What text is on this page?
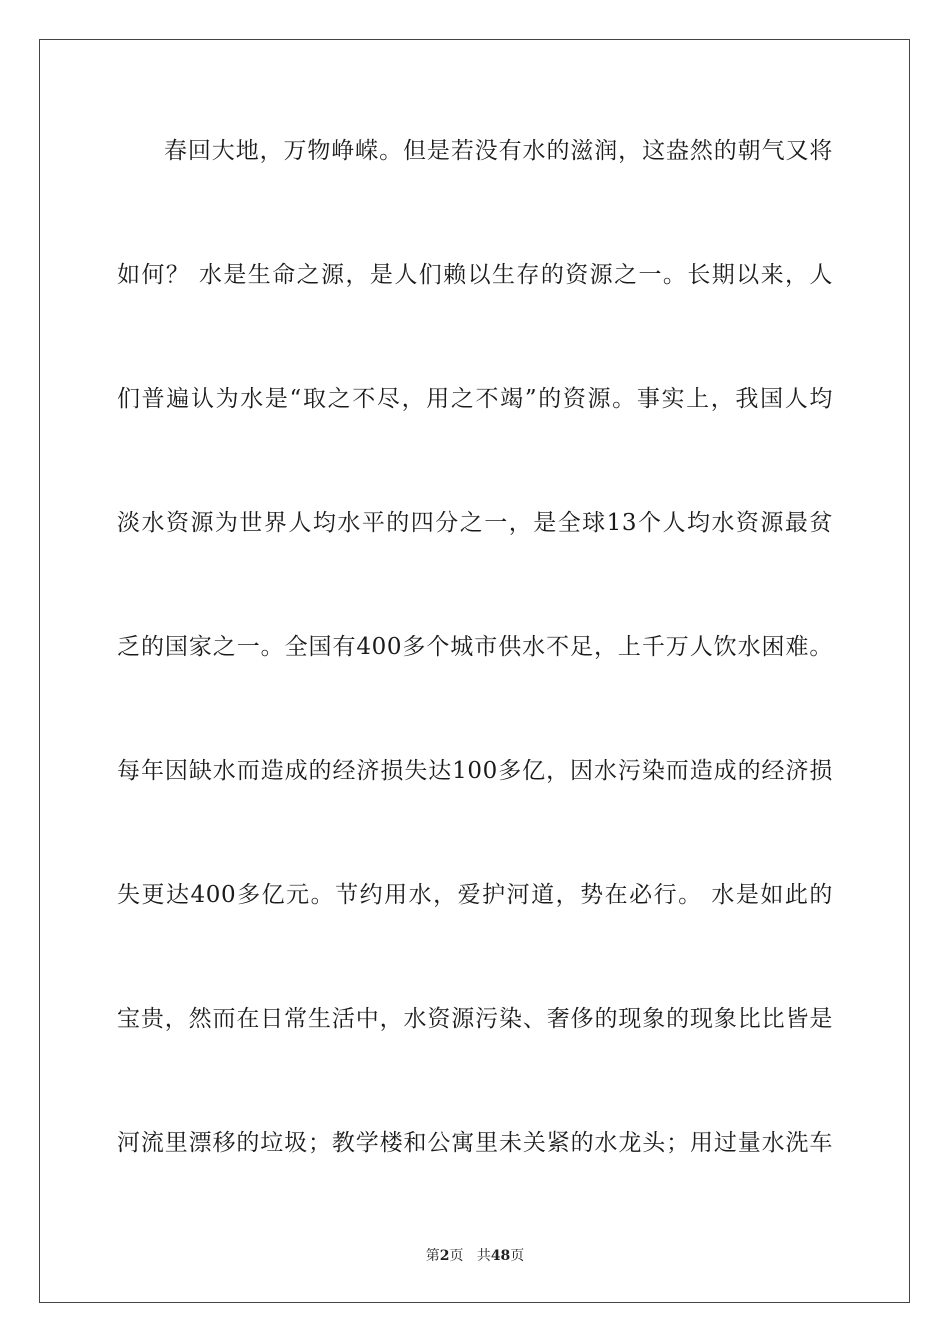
春回大地，万物峥嵘。但是若没有水的滋润，这盎然的朝气又将
如何？ 水是生命之源，是人们赖以生存的资源之一。长期以来，人
们普遍认为水是“取之不尽，用之不竭”的资源。事实上，我国人均
淡水资源为世界人均水平的四分之一，是全球13个人均水资源最贫
乏的国家之一。全国有400多个城市供水不足，上千万人饮水困难。
每年因缺水而造成的经济损失达100多亿，因水污染而造成的经济损
失更达400多亿元。节约用水，爱护河道，势在必行。 水是如此的
宝贵，然而在日常生活中，水资源污染、奢侈的现象的现象比比皆是
河流里漂移的垃圾；教学楼和公寓里未关紧的水龙头；用过量水洗车
第2页 共48页
